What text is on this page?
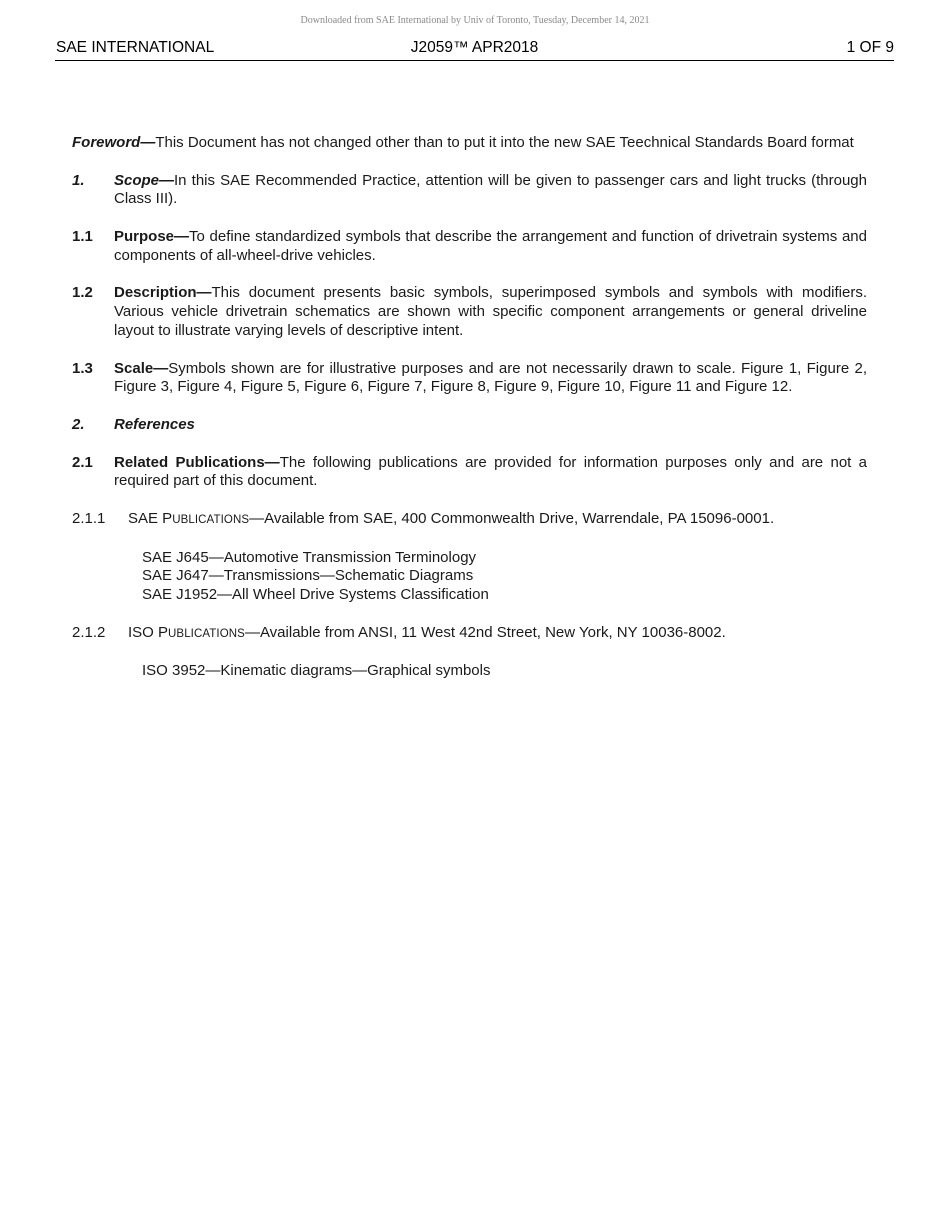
Downloaded from SAE International by Univ of Toronto, Tuesday, December 14, 2021
SAE INTERNATIONAL	J2059™ APR2018	1 OF 9
Foreword—This Document has not changed other than to put it into the new SAE Teechnical Standards Board format
1. Scope—In this SAE Recommended Practice, attention will be given to passenger cars and light trucks (through Class III).
1.1 Purpose—To define standardized symbols that describe the arrangement and function of drivetrain systems and components of all-wheel-drive vehicles.
1.2 Description—This document presents basic symbols, superimposed symbols and symbols with modifiers. Various vehicle drivetrain schematics are shown with specific component arrangements or general driveline layout to illustrate varying levels of descriptive intent.
1.3 Scale—Symbols shown are for illustrative purposes and are not necessarily drawn to scale. Figure 1, Figure 2, Figure 3, Figure 4, Figure 5, Figure 6, Figure 7, Figure 8, Figure 9, Figure 10, Figure 11 and Figure 12.
2. References
2.1 Related Publications—The following publications are provided for information purposes only and are not a required part of this document.
2.1.1 SAE PUBLICATIONS—Available from SAE, 400 Commonwealth Drive, Warrendale, PA 15096-0001.
SAE J645—Automotive Transmission Terminology
SAE J647—Transmissions—Schematic Diagrams
SAE J1952—All Wheel Drive Systems Classification
2.1.2 ISO PUBLICATIONS—Available from ANSI, 11 West 42nd Street, New York, NY 10036-8002.
ISO 3952—Kinematic diagrams—Graphical symbols
